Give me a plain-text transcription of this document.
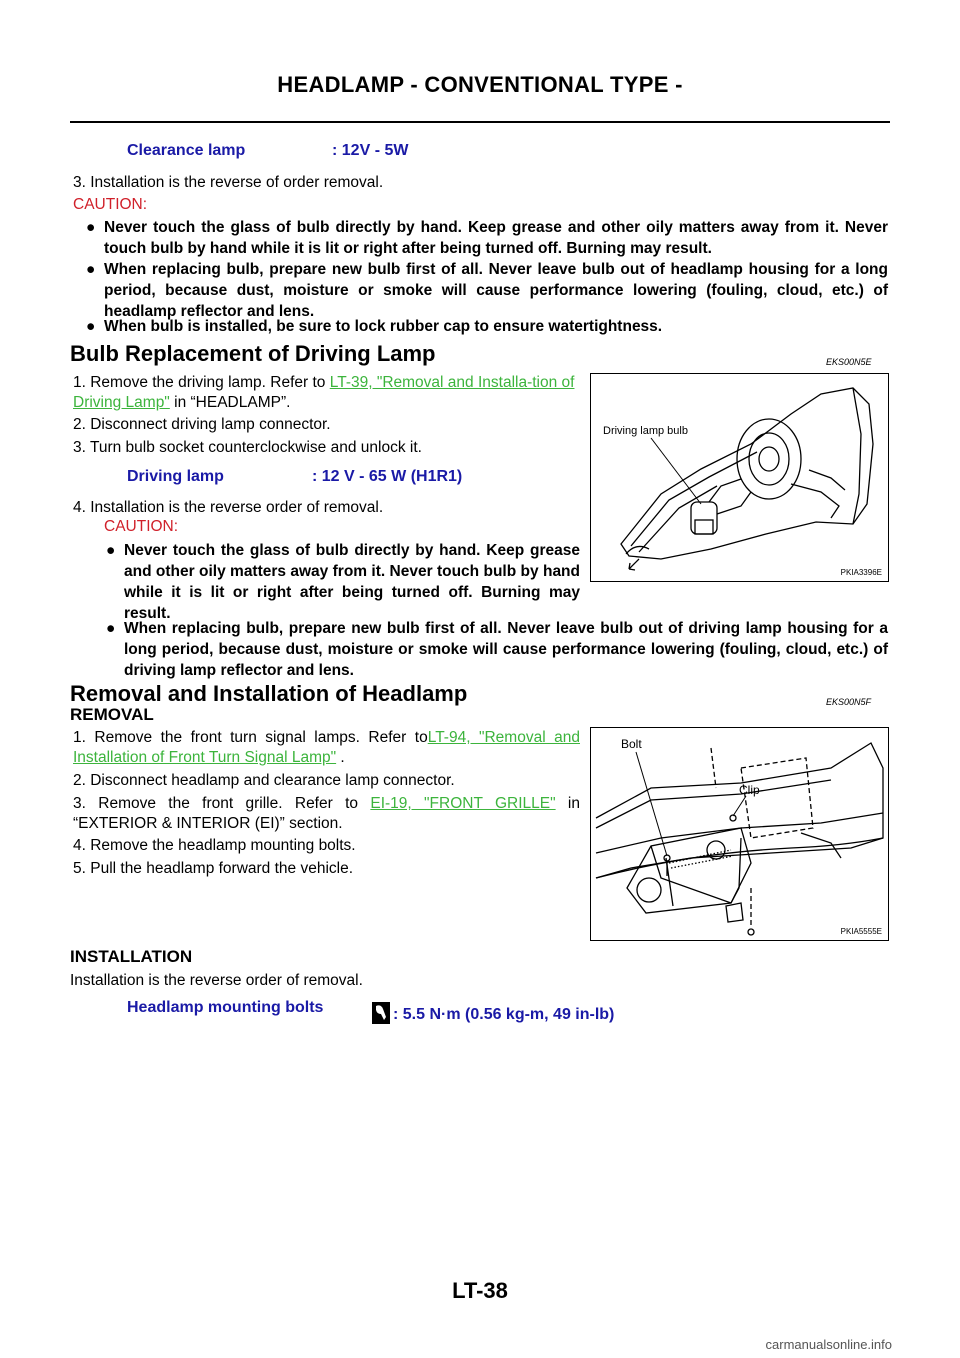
HEADLAMP - CONVENTIONAL TYPE -
Clearance lamp	: 12V - 5W
3. Installation is the reverse of order removal.
CAUTION:
● Never touch the glass of bulb directly by hand. Keep grease and other oily matters away from it. Never touch bulb by hand while it is lit or right after being turned off. Burning may result.
● When replacing bulb, prepare new bulb first of all. Never leave bulb out of headlamp housing for a long period, because dust, moisture or smoke will cause performance lowering (fouling, cloud, etc.) of headlamp reflector and lens.
● When bulb is installed, be sure to lock rubber cap to ensure watertightness.
Bulb Replacement of Driving Lamp	EKS00N5E
1. Remove the driving lamp. Refer to LT-39, "Removal and Installa-tion of Driving Lamp" in “HEADLAMP”.
2. Disconnect driving lamp connector.
3. Turn bulb socket counterclockwise and unlock it.
Driving lamp	: 12 V - 65 W (H1R1)
4. Installation is the reverse order of removal.
CAUTION:
● Never touch the glass of bulb directly by hand. Keep grease and other oily matters away from it. Never touch bulb by hand while it is lit or right after being turned off. Burning may result.
● When replacing bulb, prepare new bulb first of all. Never leave bulb out of driving lamp housing for a long period, because dust, moisture or smoke will cause performance lowering (fouling, cloud, etc.) of driving lamp reflector and lens.
Driving lamp bulb
PKIA3396E
Removal and Installation of Headlamp	EKS00N5F
REMOVAL
1. Remove the front turn signal lamps. Refer toLT-94, "Removal and Installation of Front Turn Signal Lamp" .
2. Disconnect headlamp and clearance lamp connector.
3. Remove the front grille. Refer to EI-19, "FRONT GRILLE" in “EXTERIOR & INTERIOR (EI)” section.
4. Remove the headlamp mounting bolts.
5. Pull the headlamp forward the vehicle.
Bolt
Clip
PKIA5555E
INSTALLATION
Installation is the reverse order of removal.
Headlamp mounting bolts	: 5.5 N·m (0.56 kg-m, 49 in-lb)
LT-38
carmanualsonline.info
